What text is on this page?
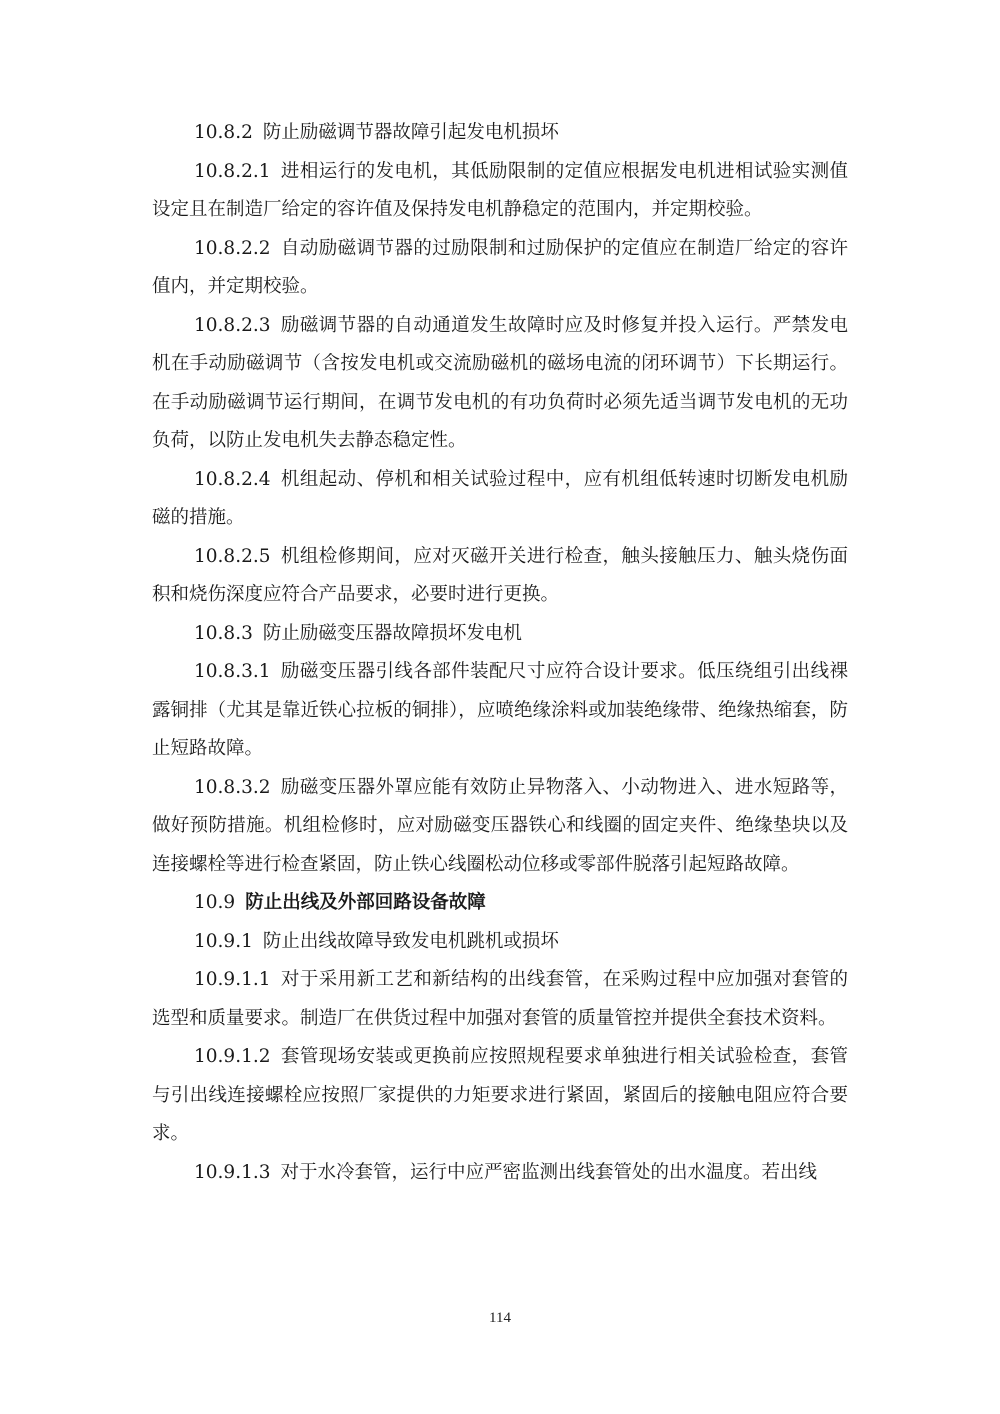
10.8.2 防止励磁调节器故障引起发电机损坏

10.8.2.1 进相运行的发电机，其低励限制的定值应根据发电机进相试验实测值设定且在制造厂给定的容许值及保持发电机静稳定的范围内，并定期校验。

10.8.2.2 自动励磁调节器的过励限制和过励保护的定值应在制造厂给定的容许值内，并定期校验。

10.8.2.3 励磁调节器的自动通道发生故障时应及时修复并投入运行。严禁发电机在手动励磁调节（含按发电机或交流励磁机的磁场电流的闭环调节）下长期运行。在手动励磁调节运行期间，在调节发电机的有功负荷时必须先适当调节发电机的无功负荷，以防止发电机失去静态稳定性。

10.8.2.4 机组起动、停机和相关试验过程中，应有机组低转速时切断发电机励磁的措施。

10.8.2.5 机组检修期间，应对灭磁开关进行检查，触头接触压力、触头烧伤面积和烧伤深度应符合产品要求，必要时进行更换。

10.8.3 防止励磁变压器故障损坏发电机

10.8.3.1 励磁变压器引线各部件装配尺寸应符合设计要求。低压绕组引出线裸露铜排（尤其是靠近铁心拉板的铜排），应喷绝缘涂料或加装绝缘带、绝缘热缩套，防止短路故障。

10.8.3.2 励磁变压器外罩应能有效防止异物落入、小动物进入、进水短路等，做好预防措施。机组检修时，应对励磁变压器铁心和线圈的固定夹件、绝缘垫块以及连接螺栓等进行检查紧固，防止铁心线圈松动位移或零部件脱落引起短路故障。

10.9 防止出线及外部回路设备故障

10.9.1 防止出线故障导致发电机跳机或损坏

10.9.1.1 对于采用新工艺和新结构的出线套管，在采购过程中应加强对套管的选型和质量要求。制造厂在供货过程中加强对套管的质量管控并提供全套技术资料。

10.9.1.2 套管现场安装或更换前应按照规程要求单独进行相关试验检查，套管与引出线连接螺栓应按照厂家提供的力矩要求进行紧固，紧固后的接触电阻应符合要求。

10.9.1.3 对于水冷套管，运行中应严密监测出线套管处的出水温度。若出线

114
